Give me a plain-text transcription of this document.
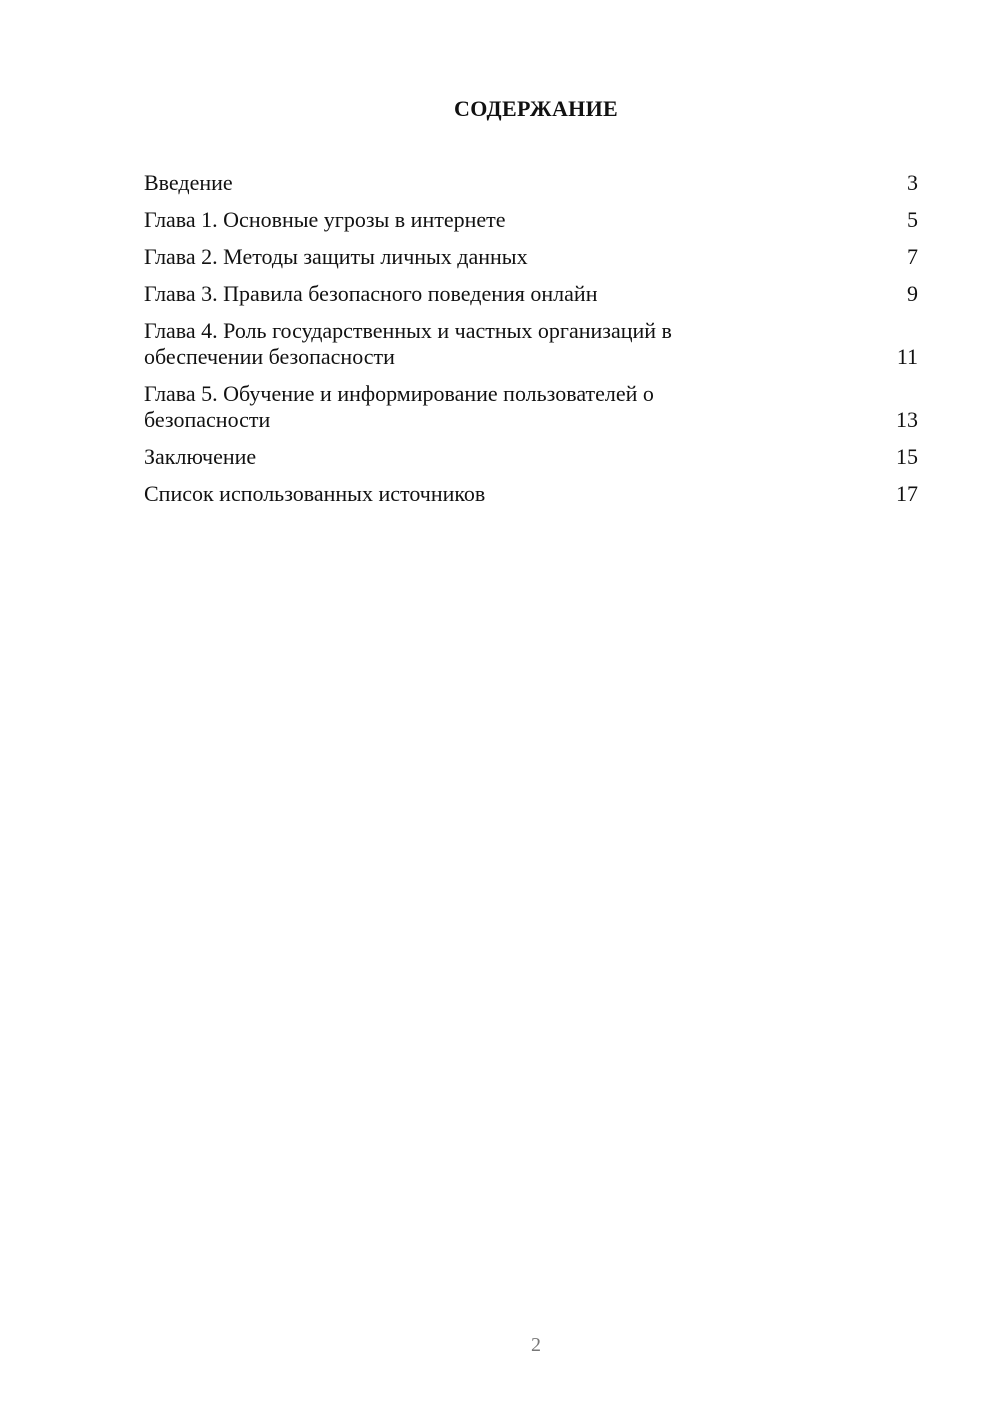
СОДЕРЖАНИЕ
Введение	3
Глава 1. Основные угрозы в интернете	5
Глава 2. Методы защиты личных данных	7
Глава 3. Правила безопасного поведения онлайн	9
Глава 4. Роль государственных и частных организаций в обеспечении безопасности	11
Глава 5. Обучение и информирование пользователей о безопасности	13
Заключение	15
Список использованных источников	17
2
